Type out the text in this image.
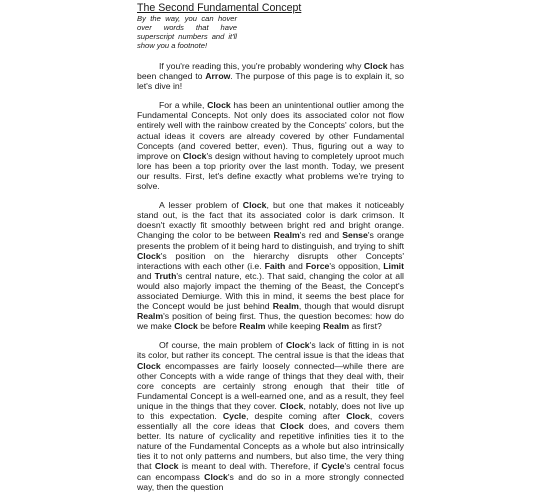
The Second Fundamental Concept
By the way, you can hover over words that have superscript numbers and it'll show you a footnote!

If you're reading this, you're probably wondering why Clock has been changed to Arrow. The purpose of this page is to explain it, so let's dive in!

For a while, Clock has been an unintentional outlier among the Fundamental Concepts. Not only does its associated color not flow entirely well with the rainbow created by the Concepts' colors, but the actual ideas it covers are already covered by other Fundamental Concepts (and covered better, even). Thus, figuring out a way to improve on Clock's design without having to completely uproot much lore has been a top priority over the last month. Today, we present our results. First, let's define exactly what problems we're trying to solve.

A lesser problem of Clock, but one that makes it noticeably stand out, is the fact that its associated color is dark crimson. It doesn't exactly fit smoothly between bright red and bright orange. Changing the color to be between Realm's red and Sense's orange presents the problem of it being hard to distinguish, and trying to shift Clock's position on the hierarchy disrupts other Concepts' interactions with each other (i.e. Faith and Force's opposition, Limit and Truth's central nature, etc.). That said, changing the color at all would also majorly impact the theming of the Beast, the Concept's associated Demiurge. With this in mind, it seems the best place for the Concept would be just behind Realm, though that would disrupt Realm's position of being first. Thus, the question becomes: how do we make Clock be before Realm while keeping Realm as first?

Of course, the main problem of Clock's lack of fitting in is not its color, but rather its concept. The central issue is that the ideas that Clock encompasses are fairly loosely connected—while there are other Concepts with a wide range of things that they deal with, their core concepts are certainly strong enough that their title of Fundamental Concept is a well-earned one, and as a result, they feel unique in the things that they cover. Clock, notably, does not live up to this expectation. Cycle, despite coming after Clock, covers essentially all the core ideas that Clock does, and covers them better. Its nature of cyclicality and repetitive infinities ties it to the nature of the Fundamental Concepts as a whole but also intrinsically ties it to not only patterns and numbers, but also time, the very thing that Clock is meant to deal with. Therefore, if Cycle's central focus can encompass Clock's and do so in a more strongly connected way, then the question
